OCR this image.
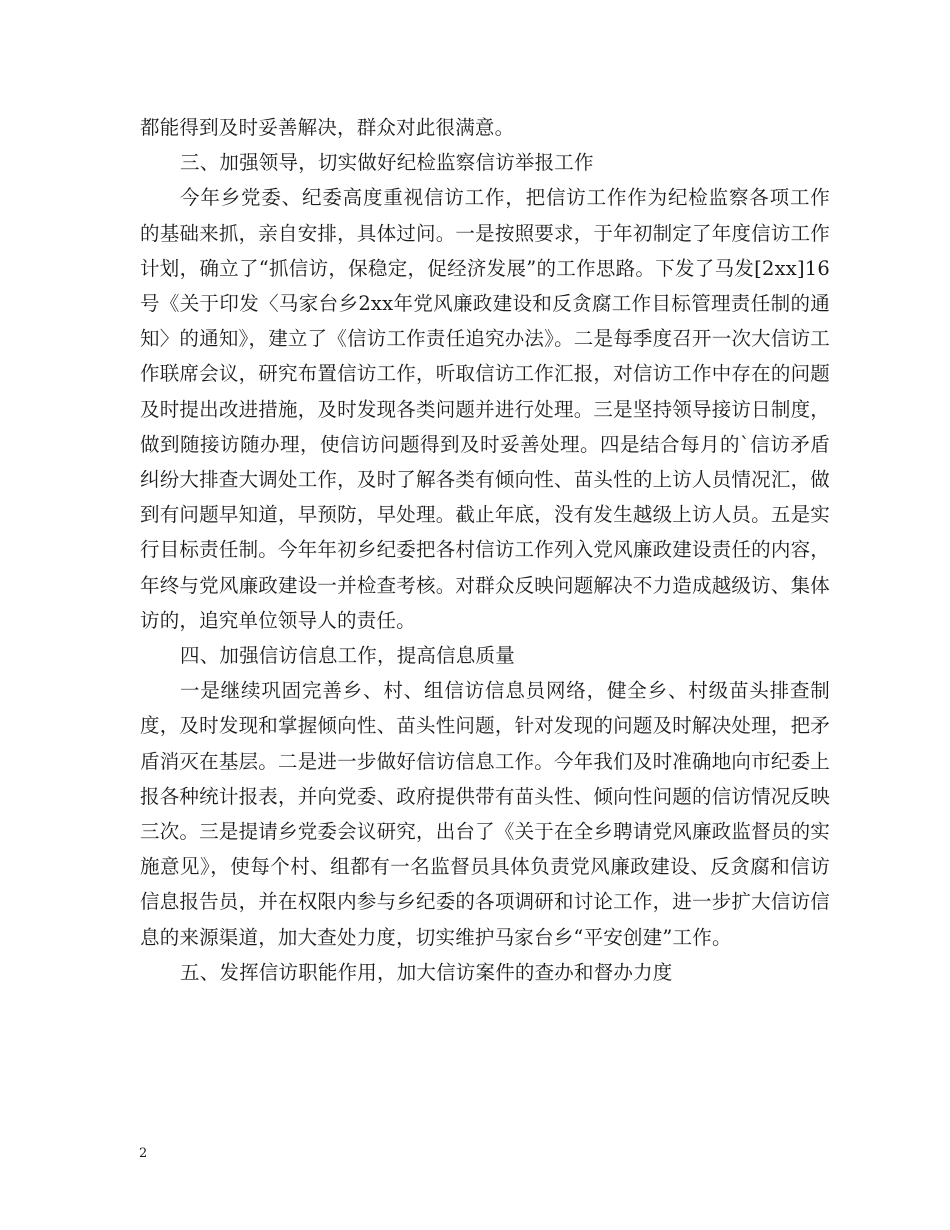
都能得到及时妥善解决，群众对此很满意。

三、加强领导，切实做好纪检监察信访举报工作

今年乡党委、纪委高度重视信访工作，把信访工作作为纪检监察各项工作的基础来抓，亲自安排，具体过问。一是按照要求，于年初制定了年度信访工作计划，确立了“抓信访，保稳定，促经济发展”的工作思路。下发了马发[2xx]16号《关于印发〈马家台乡2xx年党风廉政建设和反贪腐工作目标管理责任制的通知〉的通知》，建立了《信访工作责任追究办法》。二是每季度召开一次大信访工作联席会议，研究布置信访工作，听取信访工作汇报，对信访工作中存在的问题及时提出改进措施，及时发现各类问题并进行处理。三是坚持领导接访日制度，做到随接访随办理，使信访问题得到及时妥善处理。四是结合每月的`信访矛盾纠纷大排查大调处工作，及时了解各类有倾向性、苗头性的上访人员情况汇，做到有问题早知道，早预防，早处理。截止年底，没有发生越级上访人员。五是实行目标责任制。今年年初乡纪委把各村信访工作列入党风廉政建设责任的内容，年终与党风廉政建设一并检查考核。对群众反映问题解决不力造成越级访、集体访的，追究单位领导人的责任。

四、加强信访信息工作，提高信息质量

一是继续巩固完善乡、村、组信访信息员网络，健全乡、村级苗头排查制度，及时发现和掌握倾向性、苗头性问题，针对发现的问题及时解决处理，把矛盾消灭在基层。二是进一步做好信访信息工作。今年我们及时准确地向市纪委上报各种统计报表，并向党委、政府提供带有苗头性、倾向性问题的信访情况反映三次。三是提请乡党委会议研究，出台了《关于在全乡聘请党风廉政监督员的实施意见》，使每个村、组都有一名监督员具体负责党风廉政建设、反贪腐和信访信息报告员，并在权限内参与乡纪委的各项调研和讨论工作，进一步扩大信访信息的来源渠道，加大查处力度，切实维护马家台乡“平安创建”工作。

五、发挥信访职能作用，加大信访案件的查办和督办力度

2
